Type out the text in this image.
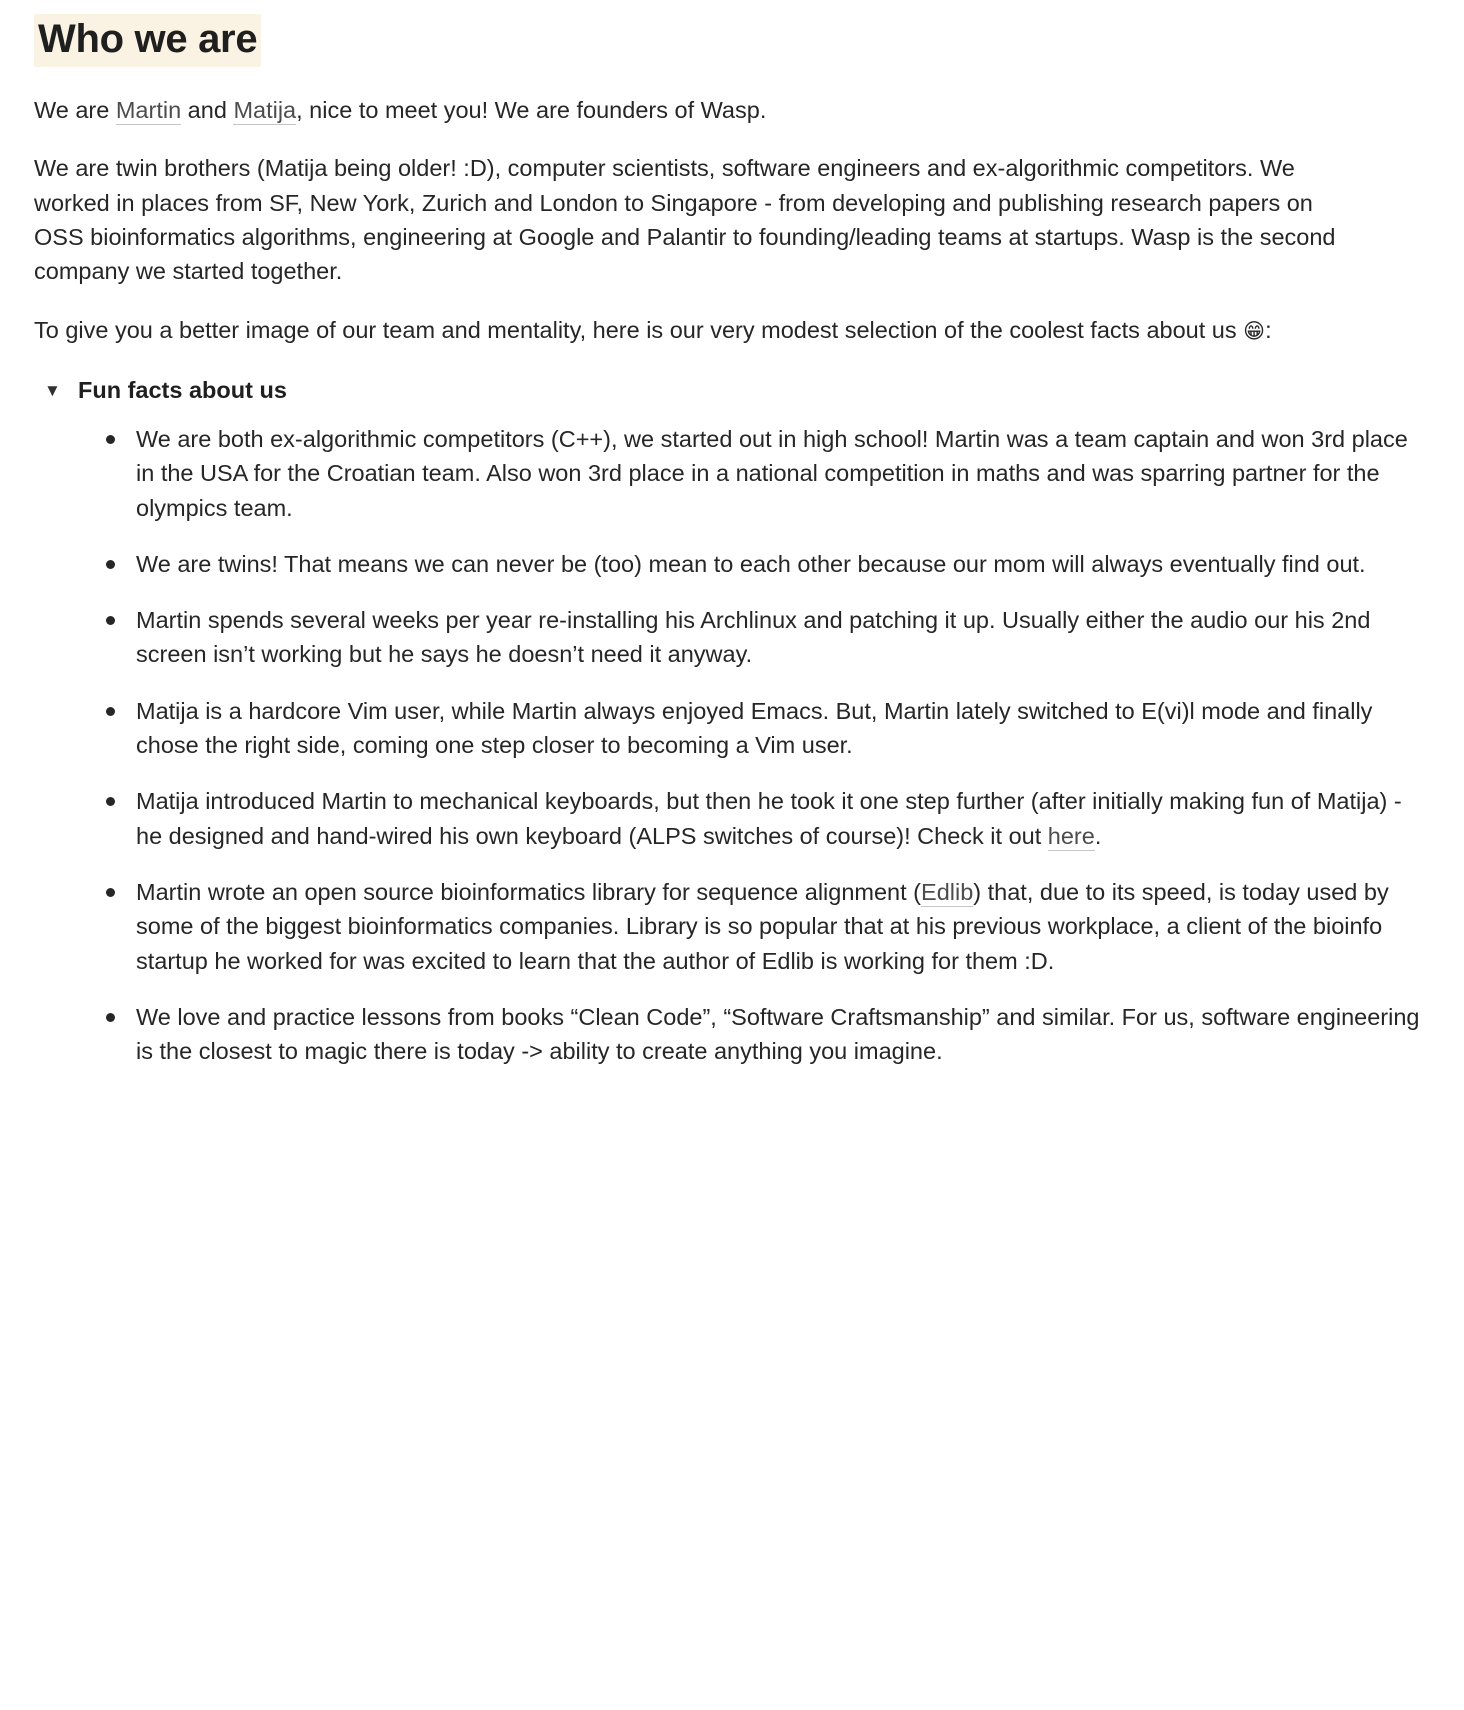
Who we are

We are Martin and Matija, nice to meet you! We are founders of Wasp.

We are twin brothers (Matija being older! :D), computer scientists, software engineers and ex-algorithmic competitors. We worked in places from SF, New York, Zurich and London to Singapore - from developing and publishing research papers on OSS bioinformatics algorithms, engineering at Google and Palantir to founding/leading teams at startups. Wasp is the second company we started together.

To give you a better image of our team and mentality, here is our very modest selection of the coolest facts about us 😁:

▼ Fun facts about us
We are both ex-algorithmic competitors (C++), we started out in high school! Martin was a team captain and won 3rd place in the USA for the Croatian team. Also won 3rd place in a national competition in maths and was sparring partner for the olympics team.
We are twins! That means we can never be (too) mean to each other because our mom will always eventually find out.
Martin spends several weeks per year re-installing his Archlinux and patching it up. Usually either the audio our his 2nd screen isn’t working but he says he doesn’t need it anyway.
Matija is a hardcore Vim user, while Martin always enjoyed Emacs. But, Martin lately switched to E(vi)l mode and finally chose the right side, coming one step closer to becoming a Vim user.
Matija introduced Martin to mechanical keyboards, but then he took it one step further (after initially making fun of Matija) - he designed and hand-wired his own keyboard (ALPS switches of course)! Check it out here.
Martin wrote an open source bioinformatics library for sequence alignment (Edlib) that, due to its speed, is today used by some of the biggest bioinformatics companies. Library is so popular that at his previous workplace, a client of the bioinfo startup he worked for was excited to learn that the author of Edlib is working for them :D.
We love and practice lessons from books “Clean Code”, “Software Craftsmanship” and similar. For us, software engineering is the closest to magic there is today -> ability to create anything you imagine.
